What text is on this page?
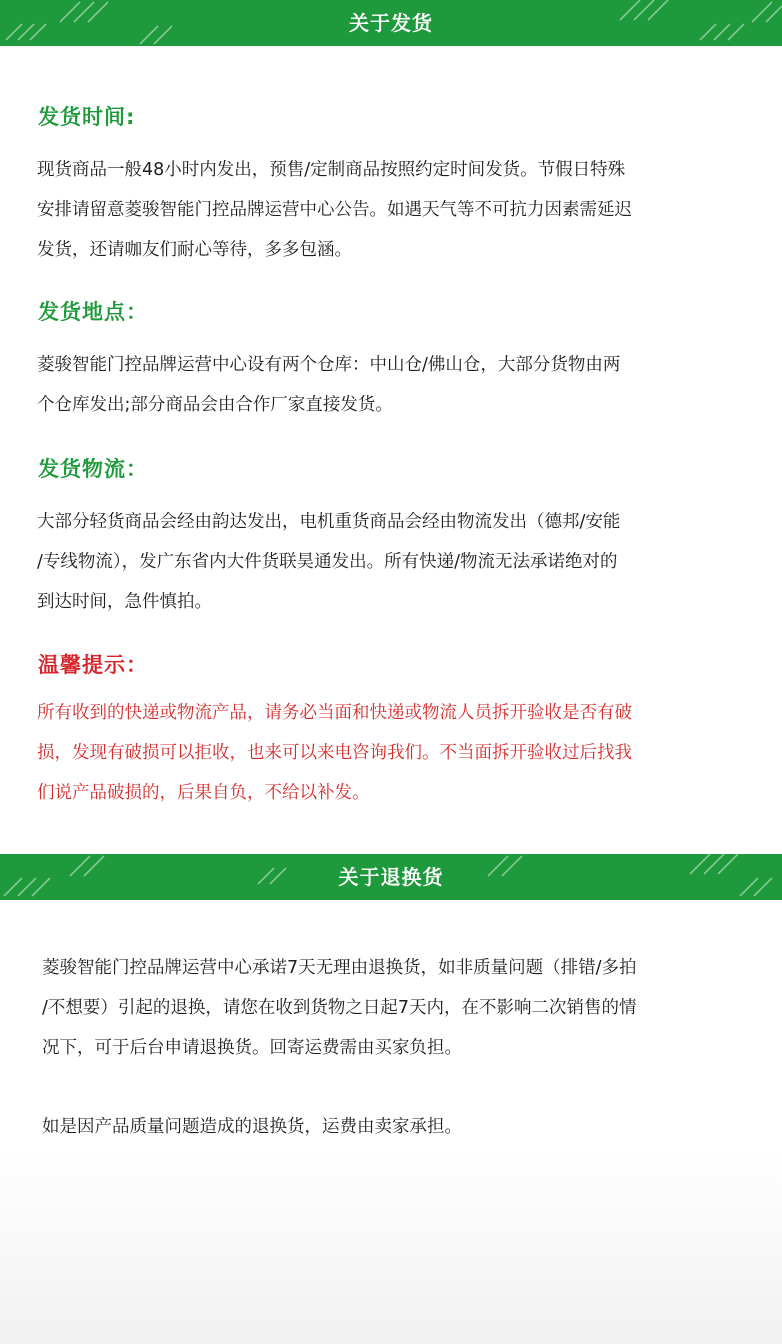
关于发货
发货时间:
现货商品一般48小时内发出，预售/定制商品按照约定时间发货。节假日特殊
安排请留意菱骏智能门控品牌运营中心公告。如遇天气等不可抗力因素需延迟
发货，还请咖友们耐心等待，多多包涵。
发货地点：
菱骏智能门控品牌运营中心设有两个仓库：中山仓/佛山仓，大部分货物由两
个仓库发出;部分商品会由合作厂家直接发货。
发货物流：
大部分轻货商品会经由韵达发出，电机重货商品会经由物流发出（德邦/安能
/专线物流），发广东省内大件货联昊通发出。所有快递/物流无法承诺绝对的
到达时间，急件慎拍。
温馨提示：
所有收到的快递或物流产品，请务必当面和快递或物流人员拆开验收是否有破
损，发现有破损可以拒收，也来可以来电咨询我们。不当面拆开验收过后找我
们说产品破损的，后果自负，不给以补发。
关于退换货
菱骏智能门控品牌运营中心承诺7天无理由退换货，如非质量问题（排错/多拍
/不想要）引起的退换，请您在收到货物之日起7天内，在不影响二次销售的情
况下，可于后台申请退换货。回寄运费需由买家负担。
如是因产品质量问题造成的退换货，运费由卖家承担。
